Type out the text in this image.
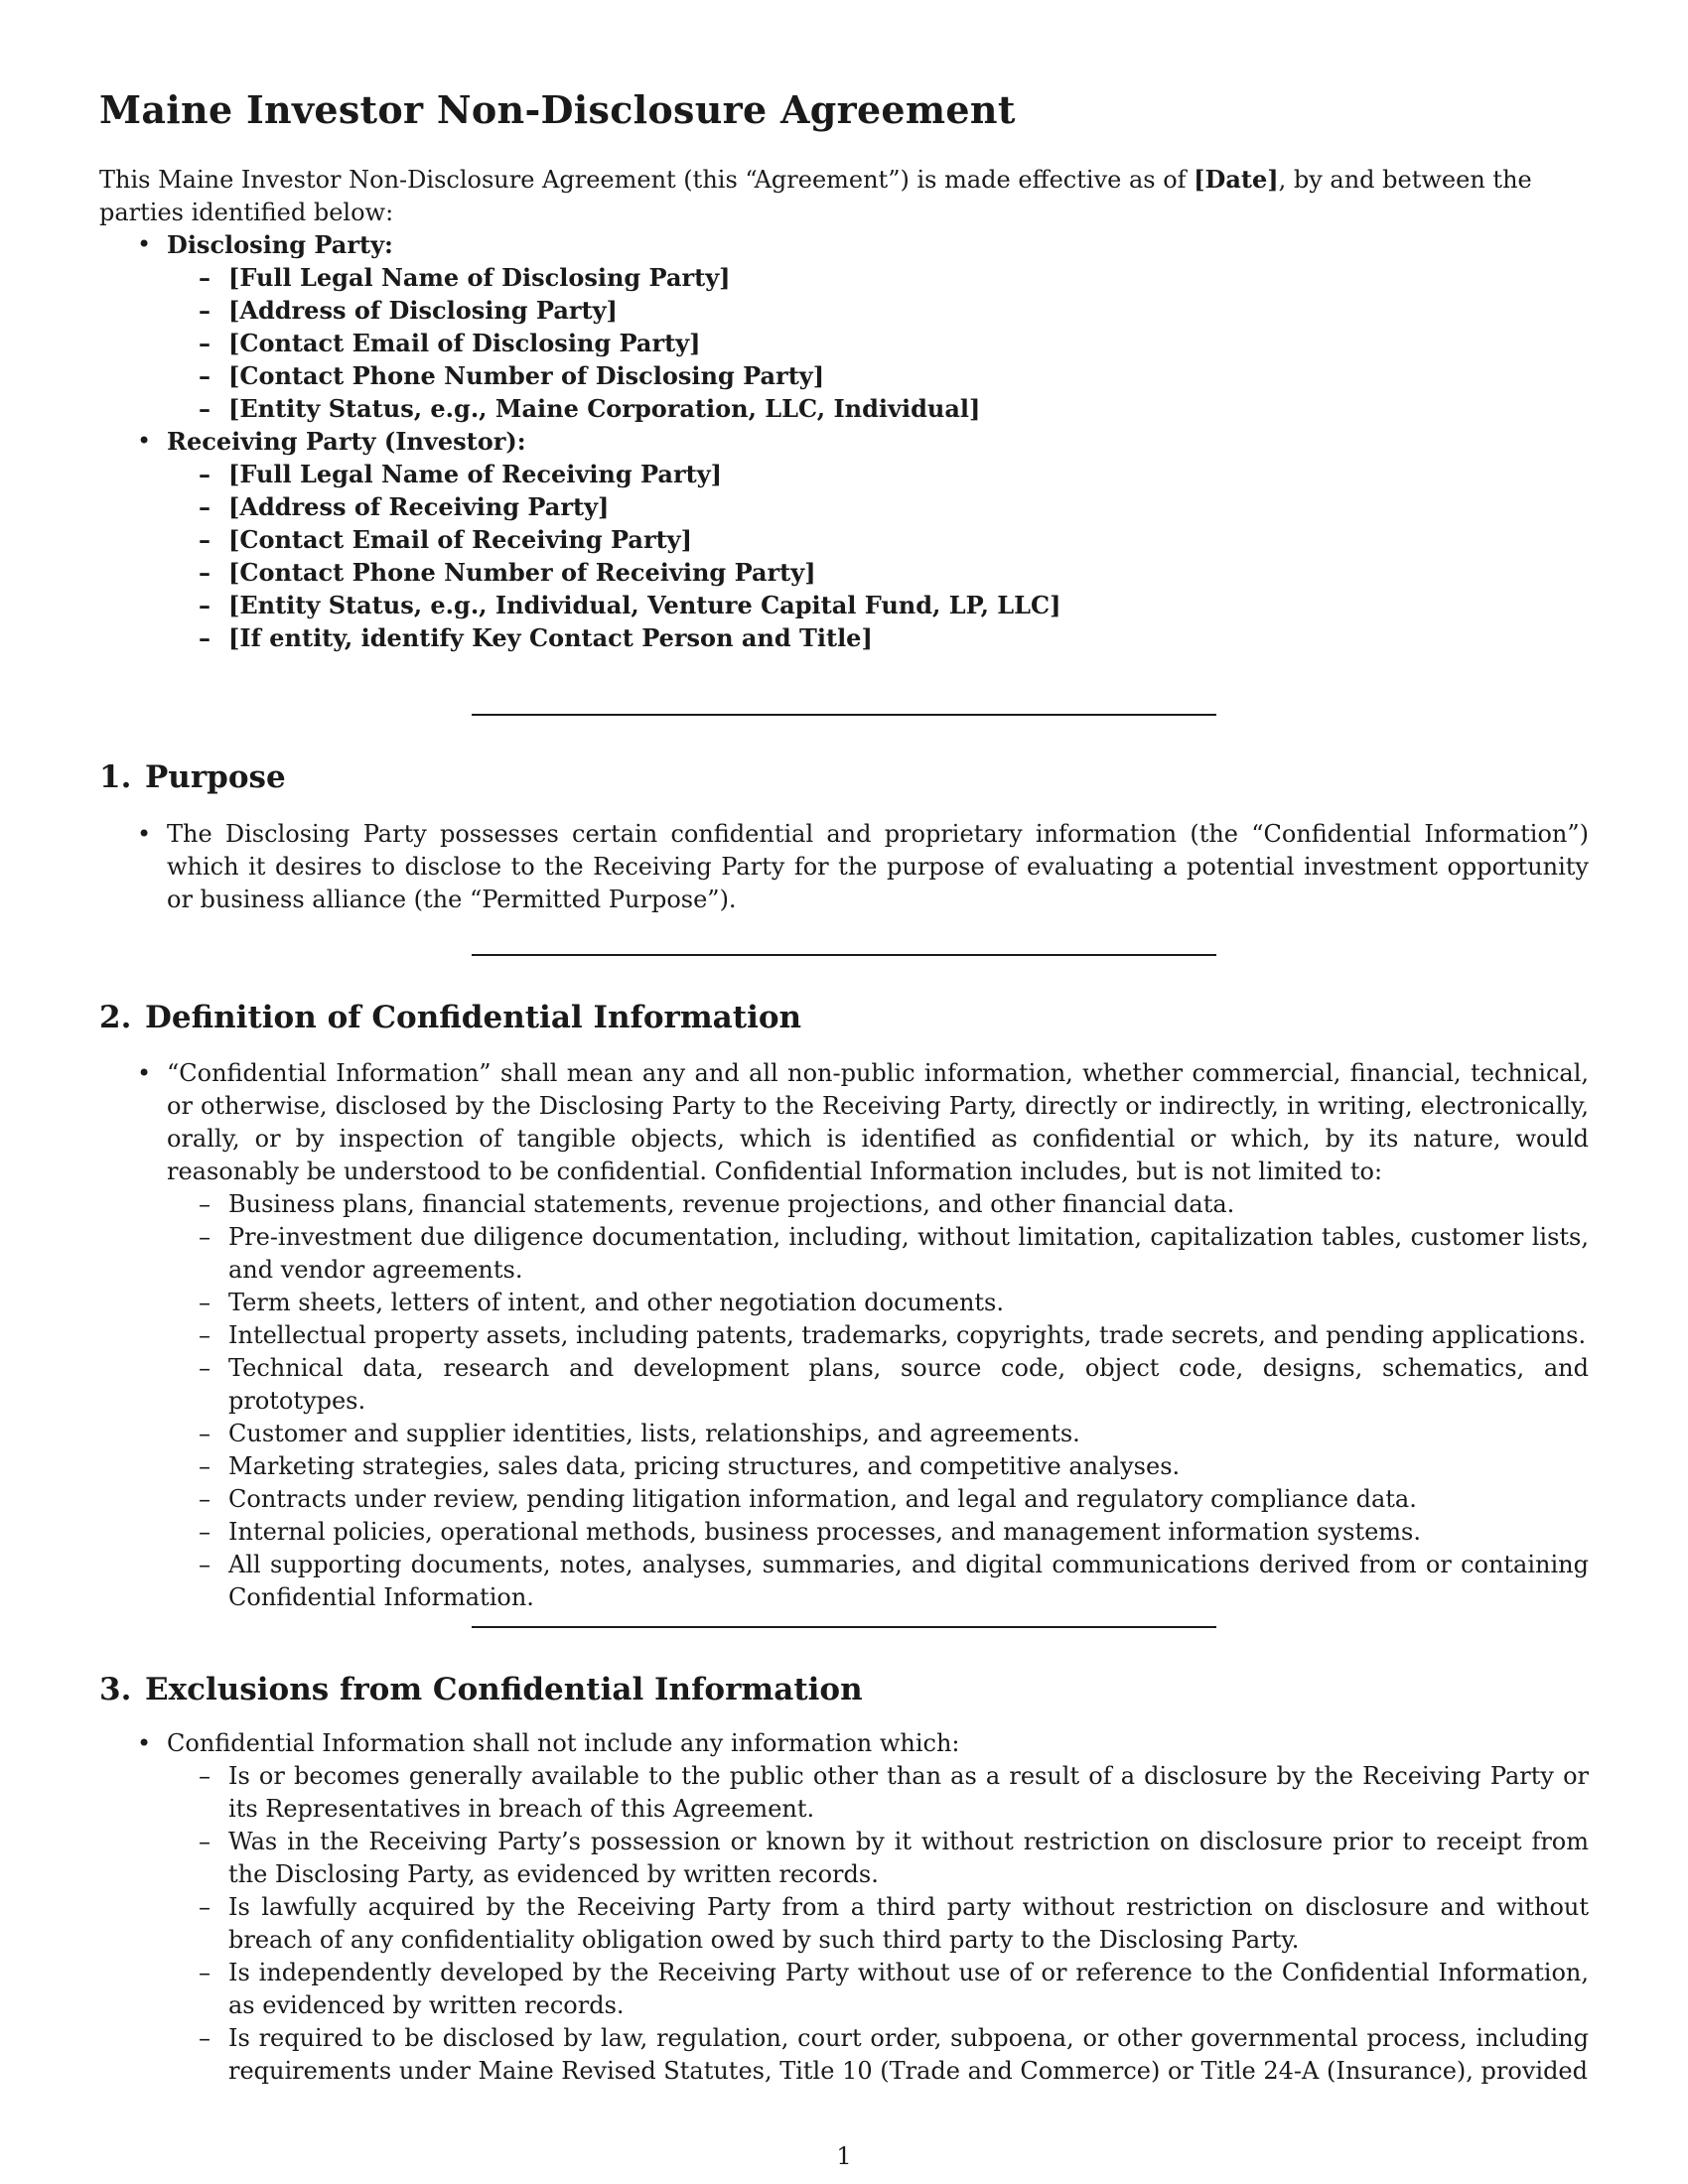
Maine Investor Non-Disclosure Agreement

This Maine Investor Non-Disclosure Agreement (this “Agreement”) is made effective as of [Date], by and between the parties identified below:

• Disclosing Party:
– [Full Legal Name of Disclosing Party]
– [Address of Disclosing Party]
– [Contact Email of Disclosing Party]
– [Contact Phone Number of Disclosing Party]
– [Entity Status, e.g., Maine Corporation, LLC, Individual]
• Receiving Party (Investor):
– [Full Legal Name of Receiving Party]
– [Address of Receiving Party]
– [Contact Email of Receiving Party]
– [Contact Phone Number of Receiving Party]
– [Entity Status, e.g., Individual, Venture Capital Fund, LP, LLC]
– [If entity, identify Key Contact Person and Title]
1. Purpose
• The Disclosing Party possesses certain confidential and proprietary information (the “Confidential Information”) which it desires to disclose to the Receiving Party for the purpose of evaluating a potential investment opportunity or business alliance (the “Permitted Purpose”).
2. Definition of Confidential Information
• “Confidential Information” shall mean any and all non-public information, whether commercial, financial, technical, or otherwise, disclosed by the Disclosing Party to the Receiving Party, directly or indirectly, in writing, electronically, orally, or by inspection of tangible objects, which is identified as confidential or which, by its nature, would reasonably be understood to be confidential. Confidential Information includes, but is not limited to:
– Business plans, financial statements, revenue projections, and other financial data.
– Pre-investment due diligence documentation, including, without limitation, capitalization tables, customer lists, and vendor agreements.
– Term sheets, letters of intent, and other negotiation documents.
– Intellectual property assets, including patents, trademarks, copyrights, trade secrets, and pending applications.
– Technical data, research and development plans, source code, object code, designs, schematics, and prototypes.
– Customer and supplier identities, lists, relationships, and agreements.
– Marketing strategies, sales data, pricing structures, and competitive analyses.
– Contracts under review, pending litigation information, and legal and regulatory compliance data.
– Internal policies, operational methods, business processes, and management information systems.
– All supporting documents, notes, analyses, summaries, and digital communications derived from or containing Confidential Information.
3. Exclusions from Confidential Information
• Confidential Information shall not include any information which:
– Is or becomes generally available to the public other than as a result of a disclosure by the Receiving Party or its Representatives in breach of this Agreement.
– Was in the Receiving Party’s possession or known by it without restriction on disclosure prior to receipt from the Disclosing Party, as evidenced by written records.
– Is lawfully acquired by the Receiving Party from a third party without restriction on disclosure and without breach of any confidentiality obligation owed by such third party to the Disclosing Party.
– Is independently developed by the Receiving Party without use of or reference to the Confidential Information, as evidenced by written records.
– Is required to be disclosed by law, regulation, court order, subpoena, or other governmental process, including requirements under Maine Revised Statutes, Title 10 (Trade and Commerce) or Title 24-A (Insurance), provided
1
